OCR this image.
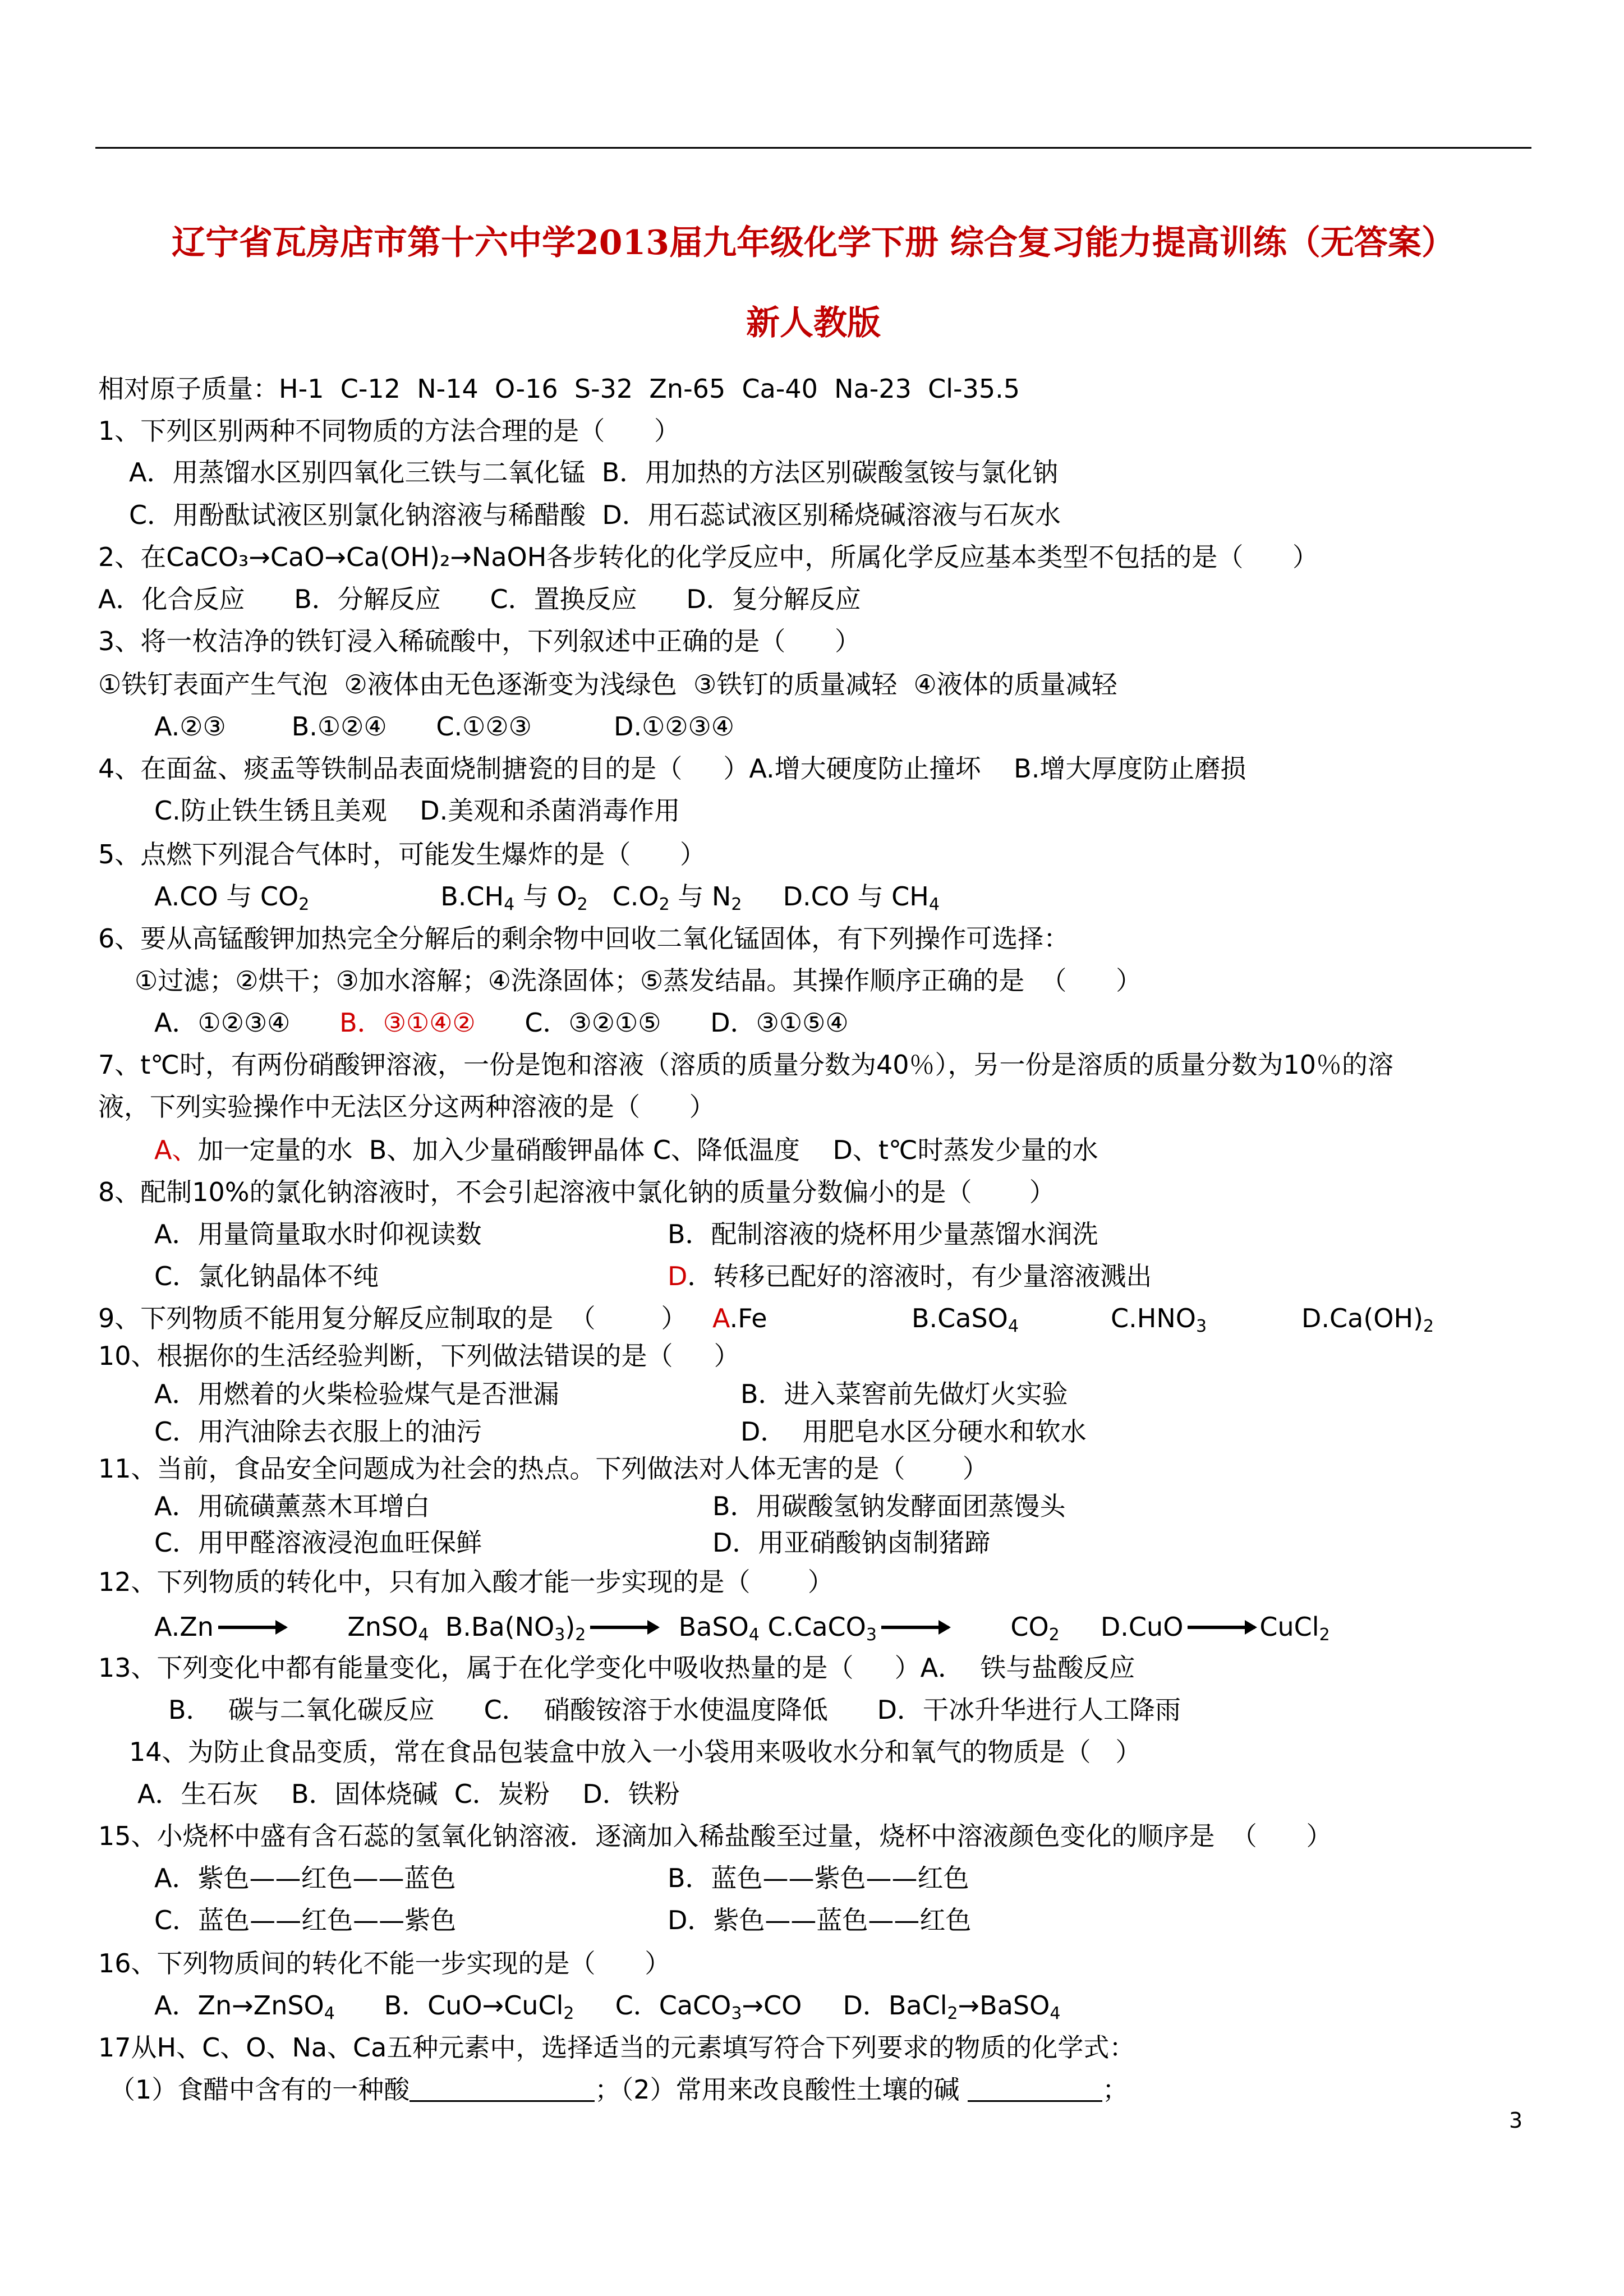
辽宁省瓦房店市第十六中学2013届九年级化学下册 综合复习能力提高训练（无答案）
新人教版
相对原子质量：H-1  C-12  N-14  O-16  S-32  Zn-65  Ca-40  Na-23  Cl-35.5
1、下列区别两种不同物质的方法合理的是（      ）
A．用蒸馏水区别四氧化三铁与二氧化锰  B．用加热的方法区别碳酸氢铵与氯化钠
C．用酚酞试液区别氯化钠溶液与稀醋酸  D．用石蕊试液区别稀烧碱溶液与石灰水
2、在CaCO₃→CaO→Ca(OH)₂→NaOH各步转化的化学反应中，所属化学反应基本类型不包括的是（      ）
A．化合反应      B．分解反应      C．置换反应      D．复分解反应
3、将一枚洁净的铁钉浸入稀硫酸中，下列叙述中正确的是（      ）
①铁钉表面产生气泡  ②液体由无色逐渐变为浅绿色  ③铁钉的质量减轻  ④液体的质量减轻
A.②③        B.①②④      C.①②③          D.①②③④
4、在面盆、痰盂等铁制品表面烧制搪瓷的目的是（     ）A.增大硬度防止撞坏    B.增大厚度防止磨损
C.防止铁生锈且美观    D.美观和杀菌消毒作用
5、点燃下列混合气体时，可能发生爆炸的是（      ）
A.CO 与 $CO_2$	$B.CH_4$ 与 $O_2$ $C.O_2$ 与 $N_2$ D.CO 与 $CH_4$
6、要从高锰酸钾加热完全分解后的剩余物中回收二氧化锰固体，有下列操作可选择：
①过滤；②烘干；③加水溶解；④洗涤固体；⑤蒸发结晶。其操作顺序正确的是  （      ）
A．①②③④      B．③①④②      C．③②①⑤      D．③①⑤④
7、t℃时，有两份硝酸钾溶液，一份是饱和溶液（溶质的质量分数为40％），另一份是溶质的质量分数为10％的溶
液，下列实验操作中无法区分这两种溶液的是（      ）
A、加一定量的水  B、加入少量硝酸钾晶体 C、降低温度    D、t℃时蒸发少量的水
8、配制10%的氯化钠溶液时，不会引起溶液中氯化钠的质量分数偏小的是（       ）
A．用量筒量取水时仰视读数	B．配制溶液的烧杯用少量蒸馏水润洗
C．氯化钠晶体不纯	D．转移已配好的溶液时，有少量溶液溅出
9、下列物质不能用复分解反应制取的是  （        ） A.Fe	B.CaSO$_4$	$C.HNO_3$	$D.Ca(OH)_2$
10、根据你的生活经验判断，下列做法错误的是（     ）
A．用燃着的火柴检验煤气是否泄漏	B．进入菜窖前先做灯火实验
C．用汽油除去衣服上的油污	D．  用肥皂水区分硬水和软水
11、当前，食品安全问题成为社会的热点。下列做法对人体无害的是（       ）
A．用硫磺薰蒸木耳增白	B．用碳酸氢钠发酵面团蒸馒头
C．用甲醛溶液浸泡血旺保鲜	D．用亚硝酸钠卤制猪蹄
12、下列物质的转化中，只有加入酸才能一步实现的是（       ）
A.Zn	ZnSO$_4$ $B.Ba(NO_3)_2$	BaSO$_4$ C.CaCO$_3$	$CO_2$ D.CuO	CuCl$_2$
13、下列变化中都有能量变化，属于在化学变化中吸收热量的是（     ）A．  铁与盐酸反应
B．  碳与二氧化碳反应      C．  硝酸铵溶于水使温度降低      D．干冰升华进行人工降雨
14、为防止食品变质，常在食品包装盒中放入一小袋用来吸收水分和氧气的物质是（   ）
A．生石灰    B．固体烧碱  C．炭粉    D．铁粉
15、小烧杯中盛有含石蕊的氢氧化钠溶液．逐滴加入稀盐酸至过量，烧杯中溶液颜色变化的顺序是  （      ）
A．紫色——红色——蓝色	B．蓝色——紫色——红色
C．蓝色——红色——紫色	D．紫色——蓝色——红色
16、下列物质间的转化不能一步实现的是（      ）
A．Zn→ZnSO$_4$ B．CuO→CuCl$_2$ C．CaCO$_3$→CO D．BaCl$_2$→BaSO$_4$
17从H、C、O、Na、Ca五种元素中，选择适当的元素填写符合下列要求的物质的化学式：
（1）食醋中含有的一种酸	；（2）常用来改良酸性土壤的碱	；
3
